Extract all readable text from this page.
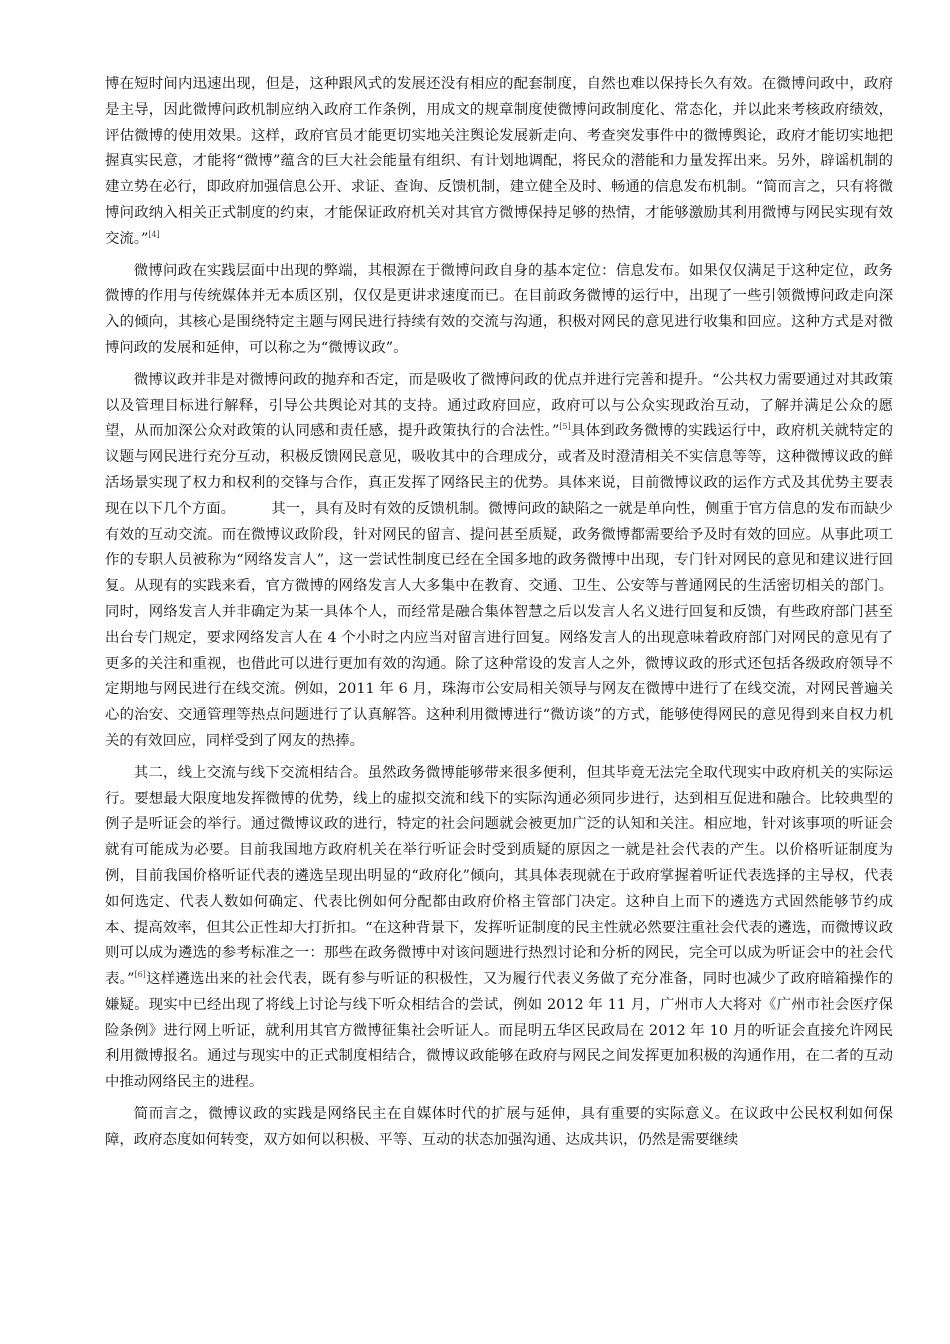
博在短时间内迅速出现，但是，这种跟风式的发展还没有相应的配套制度，自然也难以保持长久有效。在微博问政中，政府是主导，因此微博问政机制应纳入政府工作条例，用成文的规章制度使微博问政制度化、常态化，并以此来考核政府绩效，评估微博的使用效果。这样，政府官员才能更切实地关注舆论发展新走向、考查突发事件中的微博舆论，政府才能切实地把握真实民意，才能将“微博”蕴含的巨大社会能量有组织、有计划地调配，将民众的潜能和力量发挥出来。另外，辟谣机制的建立势在必行，即政府加强信息公开、求证、查询、反馈机制，建立健全及时、畅通的信息发布机制。“简而言之，只有将微博问政纳入相关正式制度的约束，才能保证政府机关对其官方微博保持足够的热情，才能够激励其利用微博与网民实现有效交流。”[4]

微博问政在实践层面中出现的弊端，其根源在于微博问政自身的基本定位：信息发布。如果仅仅满足于这种定位，政务微博的作用与传统媒体并无本质区别，仅仅是更讲求速度而已。在目前政务微博的运行中，出现了一些引领微博问政走向深入的倾向，其核心是围绕特定主题与网民进行持续有效的交流与沟通，积极对网民的意见进行收集和回应。这种方式是对微博问政的发展和延伸，可以称之为“微博议政”。

微博议政并非是对微博问政的抛弃和否定，而是吸收了微博问政的优点并进行完善和提升。“公共权力需要通过对其政策以及管理目标进行解释，引导公共舆论对其的支持。通过政府回应，政府可以与公众实现政治互动，了解并满足公众的愿望，从而加深公众对政策的认同感和责任感，提升政策执行的合法性。”[5]具体到政务微博的实践运行中，政府机关就特定的议题与网民进行充分互动，积极反馈网民意见，吸收其中的合理成分，或者及时澄清相关不实信息等等，这种微博议政的鲜活场景实现了权力和权利的交锋与合作，真正发挥了网络民主的优势。具体来说，目前微博议政的运作方式及其优势主要表现在以下几个方面。　　　其一，具有及时有效的反馈机制。微博问政的缺陷之一就是单向性，侧重于官方信息的发布而缺少有效的互动交流。而在微博议政阶段，针对网民的留言、提问甚至质疑，政务微博都需要给予及时有效的回应。从事此项工作的专职人员被称为“网络发言人”，这一尝试性制度已经在全国多地的政务微博中出现，专门针对网民的意见和建议进行回复。从现有的实践来看，官方微博的网络发言人大多集中在教育、交通、卫生、公安等与普通网民的生活密切相关的部门。同时，网络发言人并非确定为某一具体个人，而经常是融合集体智慧之后以发言人名义进行回复和反馈，有些政府部门甚至出台专门规定，要求网络发言人在 4 个小时之内应当对留言进行回复。网络发言人的出现意味着政府部门对网民的意见有了更多的关注和重视，也借此可以进行更加有效的沟通。除了这种常设的发言人之外，微博议政的形式还包括各级政府领导不定期地与网民进行在线交流。例如，2011 年 6 月，珠海市公安局相关领导与网友在微博中进行了在线交流，对网民普遍关心的治安、交通管理等热点问题进行了认真解答。这种利用微博进行“微访谈”的方式，能够使得网民的意见得到来自权力机关的有效回应，同样受到了网友的热捧。

其二，线上交流与线下交流相结合。虽然政务微博能够带来很多便利，但其毕竟无法完全取代现实中政府机关的实际运行。要想最大限度地发挥微博的优势，线上的虚拟交流和线下的实际沟通必须同步进行，达到相互促进和融合。比较典型的例子是听证会的举行。通过微博议政的进行，特定的社会问题就会被更加广泛的认知和关注。相应地，针对该事项的听证会就有可能成为必要。目前我国地方政府机关在举行听证会时受到质疑的原因之一就是社会代表的产生。以价格听证制度为例，目前我国价格听证代表的遴选呈现出明显的“政府化”倾向，其具体表现就在于政府掌握着听证代表选择的主导权，代表如何选定、代表人数如何确定、代表比例如何分配都由政府价格主管部门决定。这种自上而下的遴选方式固然能够节约成本、提高效率，但其公正性却大打折扣。“在这种背景下，发挥听证制度的民主性就必然要注重社会代表的遴选，而微博议政则可以成为遴选的参考标准之一：那些在政务微博中对该问题进行热烈讨论和分析的网民，完全可以成为听证会中的社会代表。”[6]这样遴选出来的社会代表，既有参与听证的积极性，又为履行代表义务做了充分准备，同时也减少了政府暗箱操作的嫌疑。现实中已经出现了将线上讨论与线下听众相结合的尝试，例如 2012 年 11 月，广州市人大将对《广州市社会医疗保险条例》进行网上听证，就利用其官方微博征集社会听证人。而昆明五华区民政局在 2012 年 10 月的听证会直接允许网民利用微博报名。通过与现实中的正式制度相结合，微博议政能够在政府与网民之间发挥更加积极的沟通作用，在二者的互动中推动网络民主的进程。

简而言之，微博议政的实践是网络民主在自媒体时代的扩展与延伸，具有重要的实际意义。在议政中公民权利如何保障，政府态度如何转变，双方如何以积极、平等、互动的状态加强沟通、达成共识，仍然是需要继续
